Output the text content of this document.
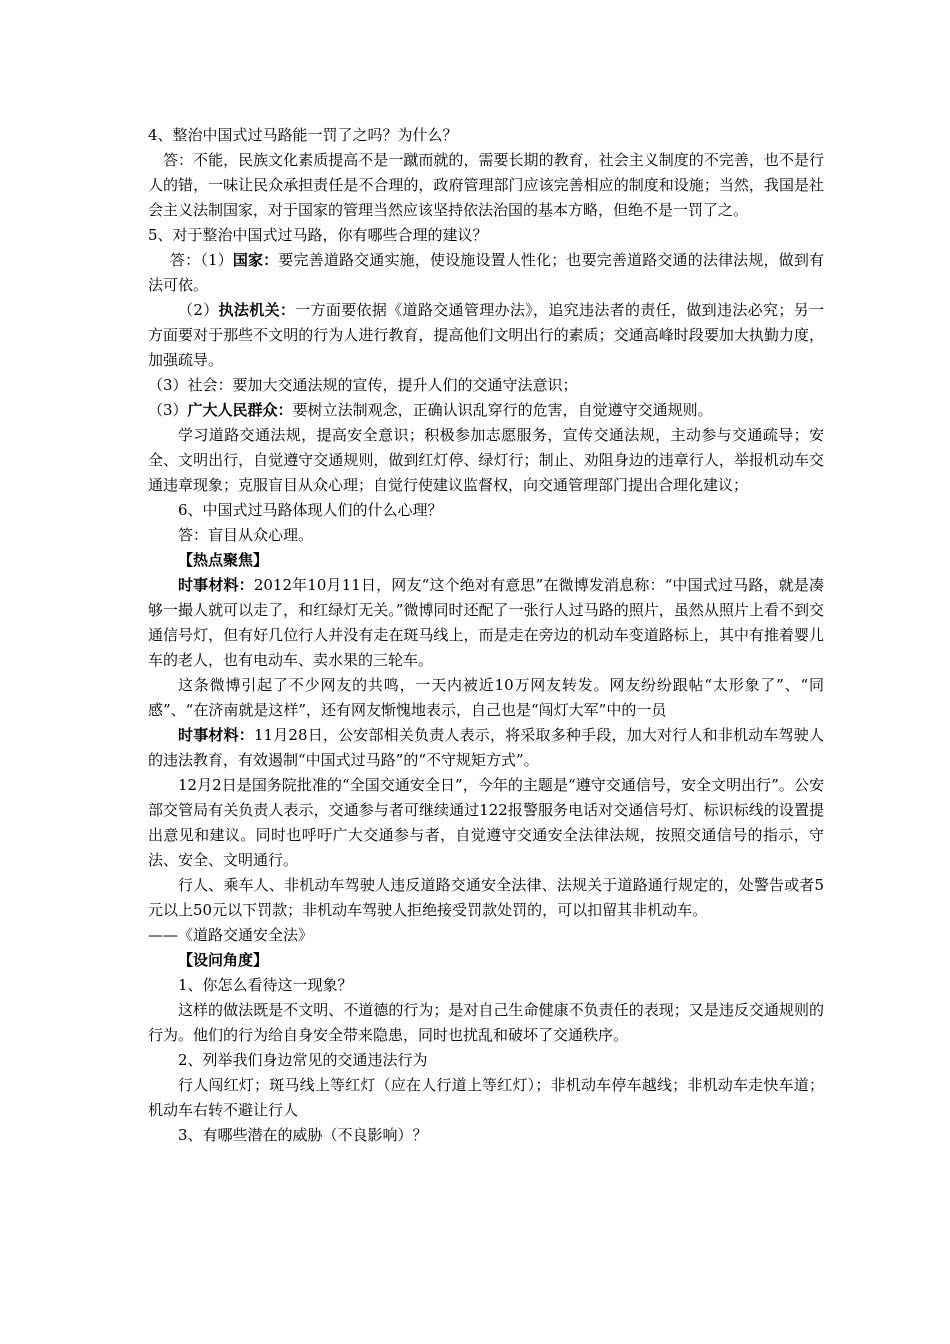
4、整治中国式过马路能一罚了之吗？为什么？

答：不能，民族文化素质提高不是一蹴而就的，需要长期的教育，社会主义制度的不完善，也不是行人的错，一味让民众承担责任是不合理的，政府管理部门应该完善相应的制度和设施；当然，我国是社会主义法制国家，对于国家的管理当然应该坚持依法治国的基本方略，但绝不是一罚了之。

5、对于整治中国式过马路，你有哪些合理的建议？

答：（1）国家：要完善道路交通实施，使设施设置人性化；也要完善道路交通的法律法规，做到有法可依。

（2）执法机关：一方面要依据《道路交通管理办法》，追究违法者的责任，做到违法必究；另一方面要对于那些不文明的行为人进行教育，提高他们文明出行的素质；交通高峰时段要加大执勤力度，加强疏导。

（3）社会：要加大交通法规的宣传，提升人们的交通守法意识；

（3）广大人民群众：要树立法制观念，正确认识乱穿行的危害，自觉遵守交通规则。

学习道路交通法规，提高安全意识；积极参加志愿服务，宣传交通法规，主动参与交通疏导；安全、文明出行，自觉遵守交通规则，做到红灯停、绿灯行；制止、劝阻身边的违章行人，举报机动车交通违章现象；克服盲目从众心理；自觉行使建议监督权，向交通管理部门提出合理化建议；

6、中国式过马路体现人们的什么心理？

答：盲目从众心理。

【热点聚焦】

时事材料：2012年10月11日，网友“这个绝对有意思”在微博发消息称：“中国式过马路，就是凑够一撮人就可以走了，和红绿灯无关。”微博同时还配了一张行人过马路的照片，虽然从照片上看不到交通信号灯，但有好几位行人并没有走在斑马线上，而是走在旁边的机动车变道路标上，其中有推着婴儿车的老人，也有电动车、卖水果的三轮车。

这条微博引起了不少网友的共鸣，一天内被近10万网友转发。网友纷纷跟帖“太形象了”、“同感”、“在济南就是这样”，还有网友惭愧地表示，自己也是“闯灯大军”中的一员

时事材料：11月28日，公安部相关负责人表示，将采取多种手段，加大对行人和非机动车驾驶人的违法教育，有效遏制“中国式过马路”的“不守规矩方式”。

12月2日是国务院批准的“全国交通安全日”，今年的主题是“遵守交通信号，安全文明出行”。公安部交管局有关负责人表示，交通参与者可继续通过122报警服务电话对交通信号灯、标识标线的设置提出意见和建议。同时也呼吁广大交通参与者，自觉遵守交通安全法律法规，按照交通信号的指示，守法、安全、文明通行。

行人、乘车人、非机动车驾驶人违反道路交通安全法律、法规关于道路通行规定的，处警告或者5元以上50元以下罚款；非机动车驾驶人拒绝接受罚款处罚的，可以扣留其非机动车。

——《道路交通安全法》

【设问角度】

1、你怎么看待这一现象？

这样的做法既是不文明、不道德的行为；是对自己生命健康不负责任的表现；又是违反交通规则的行为。他们的行为给自身安全带来隐患，同时也扰乱和破坏了交通秩序。

2、列举我们身边常见的交通违法行为

行人闯红灯；斑马线上等红灯（应在人行道上等红灯）；非机动车停车越线；非机动车走快车道；机动车右转不避让行人

3、有哪些潜在的威胁（不良影响）？
